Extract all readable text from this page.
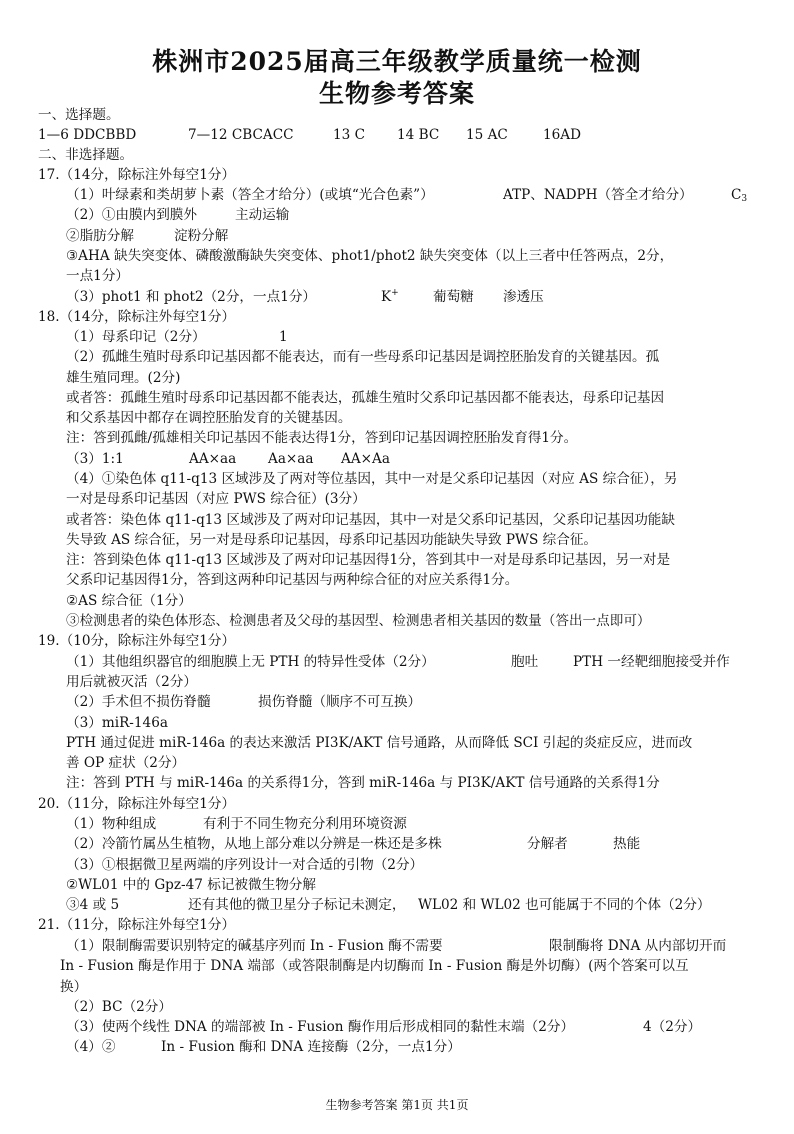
株洲市2025届高三年级教学质量统一检测
生物参考答案
一、选择题。
1—6 DDCBBD	7—12 CBCACC	13 C 14 BC 15 AC	16AD
二、非选择题。
17.（14分，除标注外每空1分）
（1）叶绿素和类胡萝卜素（答全才给分）(或填“光合色素”）	ATP、NADPH（答全才给分）	$C_3$
（2）①由膜内到膜外	主动运输
②脂肪分解	淀粉分解
③AHA 缺失突变体、磷酸激酶缺失突变体、phot1/phot2 缺失突变体（以上三者中任答两点，2分，
一点1分）
（3）phot1 和 phot2（2分，一点1分）	K+	葡萄糖 渗透压
18.（14分，除标注外每空1分）
（1）母系印记（2分）	1
（2）孤雌生殖时母系印记基因都不能表达，而有一些母系印记基因是调控胚胎发育的关键基因。孤
雄生殖同理。(2分)
或者答：孤雌生殖时母系印记基因都不能表达，孤雄生殖时父系印记基因都不能表达，母系印记基因
和父系基因中都存在调控胚胎发育的关键基因。
注：答到孤雌/孤雄相关印记基因不能表达得1分，答到印记基因调控胚胎发育得1分。
（3）1:1	AA×aa Aa×aa AA×Aa
（4）①染色体 q11-q13 区域涉及了两对等位基因，其中一对是父系印记基因（对应 AS 综合征），另
一对是母系印记基因（对应 PWS 综合征）(3分）
或者答：染色体 q11-q13 区域涉及了两对印记基因，其中一对是父系印记基因，父系印记基因功能缺
失导致 AS 综合征，另一对是母系印记基因，母系印记基因功能缺失导致 PWS 综合征。
注：答到染色体 q11-q13 区域涉及了两对印记基因得1分，答到其中一对是母系印记基因，另一对是
父系印记基因得1分，答到这两种印记基因与两种综合征的对应关系得1分。
②AS 综合征（1分）
③检测患者的染色体形态、检测患者及父母的基因型、检测患者相关基因的数量（答出一点即可）
19.（10分，除标注外每空1分）
（1）其他组织器官的细胞膜上无 PTH 的特异性受体（2分）	胞吐	PTH 一经靶细胞接受并作
用后就被灭活（2分）
（2）手术但不损伤脊髓	损伤脊髓（顺序不可互换）
（3）miR-146a
PTH 通过促进 miR-146a 的表达来激活 PI3K/AKT 信号通路，从而降低 SCI 引起的炎症反应，进而改
善 OP 症状（2分）
注：答到 PTH 与 miR-146a 的关系得1分，答到 miR-146a 与 PI3K/AKT 信号通路的关系得1分
20.（11分，除标注外每空1分）
（1）物种组成	有利于不同生物充分利用环境资源
（2）冷箭竹属丛生植物，从地上部分难以分辨是一株还是多株	分解者	热能
（3）①根据微卫星两端的序列设计一对合适的引物（2分）
②WL01 中的 Gpz-47 标记被微生物分解
③4 或 5	还有其他的微卫星分子标记未测定， WL02 和 WL02 也可能属于不同的个体（2分）
21.（11分，除标注外每空1分）
（1）限制酶需要识别特定的碱基序列而 In - Fusion 酶不需要	限制酶将 DNA 从内部切开而
In - Fusion 酶是作用于 DNA 端部（或答限制酶是内切酶而 In - Fusion 酶是外切酶）(两个答案可以互
换）
（2）BC（2分）
（3）使两个线性 DNA 的端部被 In - Fusion 酶作用后形成相同的黏性末端（2分）	4（2分）
（4）②	In - Fusion 酶和 DNA 连接酶（2分，一点1分）
生物参考答案 第1页 共1页
